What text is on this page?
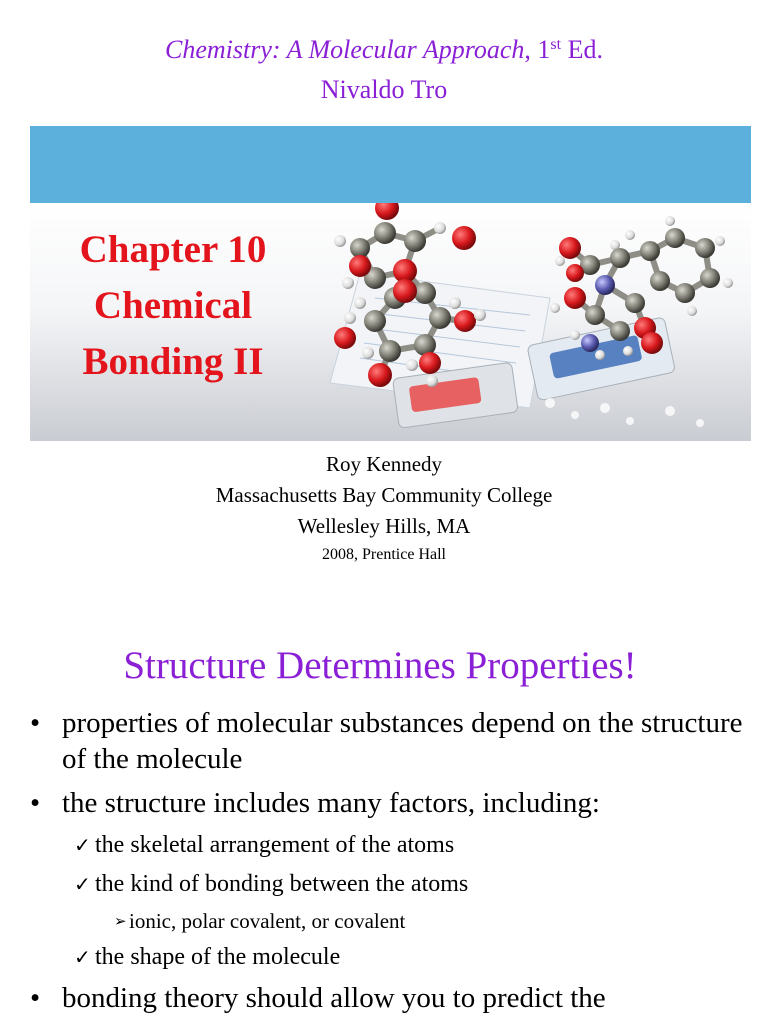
Chemistry: A Molecular Approach, 1st Ed.
Nivaldo Tro
Chapter 10
Chemical
Bonding II
Roy Kennedy
Massachusetts Bay Community College
Wellesley Hills, MA
2008, Prentice Hall
Structure Determines Properties!
• properties of molecular substances depend on the structure of the molecule
• the structure includes many factors, including:
✓ the skeletal arrangement of the atoms
✓ the kind of bonding between the atoms
➢ ionic, polar covalent, or covalent
✓ the shape of the molecule
• bonding theory should allow you to predict the
